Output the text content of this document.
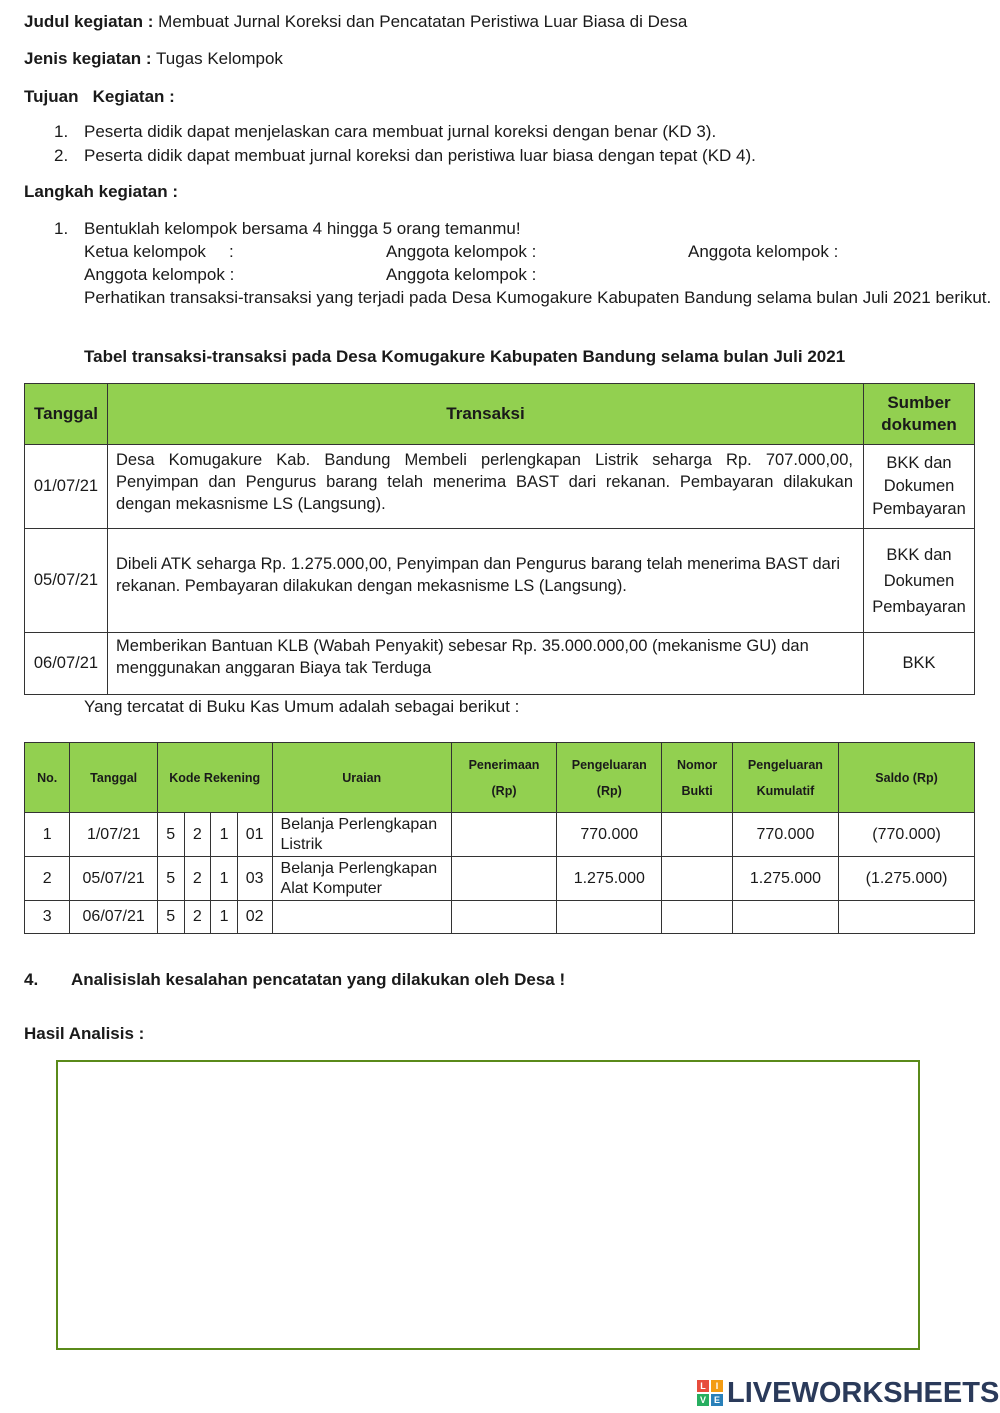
Judul kegiatan : Membuat Jurnal Koreksi dan Pencatatan Peristiwa Luar Biasa di Desa
Jenis kegiatan : Tugas Kelompok
Tujuan   Kegiatan :
1. Peserta didik dapat menjelaskan cara membuat jurnal koreksi dengan benar (KD 3).
2. Peserta didik dapat membuat jurnal koreksi dan peristiwa luar biasa dengan tepat (KD 4).
Langkah kegiatan :
1. Bentuklah kelompok bersama 4 hingga 5 orang temanmu!
Ketua kelompok :	Anggota kelompok :	Anggota kelompok :
Anggota kelompok :	Anggota kelompok :
Perhatikan transaksi-transaksi yang terjadi pada Desa Kumogakure Kabupaten Bandung selama bulan Juli 2021 berikut.
Tabel transaksi-transaksi pada Desa Komugakure Kabupaten Bandung selama bulan Juli 2021
Tanggal	Transaksi	Sumber
dokumen
01/07/21	Desa Komugakure Kab. Bandung Membeli perlengkapan Listrik seharga Rp. 707.000,00, Penyimpan dan Pengurus barang telah menerima BAST dari rekanan. Pembayaran dilakukan dengan mekasnisme LS (Langsung).	BKK dan
Dokumen
Pembayaran
05/07/21	Dibeli ATK seharga Rp. 1.275.000,00, Penyimpan dan Pengurus barang telah menerima BAST dari rekanan. Pembayaran dilakukan dengan mekasnisme LS (Langsung).	BKK dan
Dokumen
Pembayaran
06/07/21	Memberikan Bantuan KLB (Wabah Penyakit) sebesar Rp. 35.000.000,00 (mekanisme GU) dan menggunakan anggaran Biaya tak Terduga	BKK
Yang tercatat di Buku Kas Umum adalah sebagai berikut :
No.	Tanggal	Kode Rekening				Uraian	Penerimaan
(Rp)	Pengeluaran
(Rp)	Nomor
Bukti	Pengeluaran
Kumulatif	Saldo (Rp)
1	1/07/21	5	2	1	01	Belanja Perlengkapan
Listrik		770.000		770.000	(770.000)
2	05/07/21	5	2	1	03	Belanja Perlengkapan
Alat Komputer		1.275.000		1.275.000	(1.275.000)
3	06/07/21	5	2	1	02						
4. Analisislah kesalahan pencatatan yang dilakukan oleh Desa !
Hasil Analisis :
L	I
V E LIVEWORKSHEETS
